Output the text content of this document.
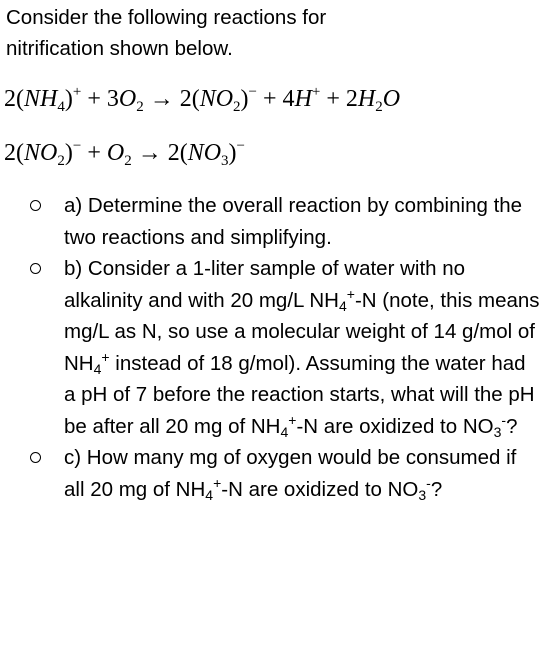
Consider the following reactions for
nitrification shown below.
$2(NH_4)^+ + 3O_2 \to 2(NO_2)^- + 4H^+ + 2H_2O$
$2(NO_2)^- + O_2 \to 2(NO_3)^-$
a) Determine the overall reaction by combining the two reactions and simplifying.
b) Consider a 1-liter sample of water with no alkalinity and with 20 mg/L $NH_4^+-N$ (note, this means mg/L as N, so use a molecular weight of 14 g/mol of $NH_4^+$ instead of 18 g/mol). Assuming the water had a pH of 7 before the reaction starts, what will the pH be after all 20 mg of $NH_4^+-N$ are oxidized to $NO_3^-$?
c) How many mg of oxygen would be consumed if all 20 mg of $NH_4^+-N$ are oxidized to $NO_3^-$?
